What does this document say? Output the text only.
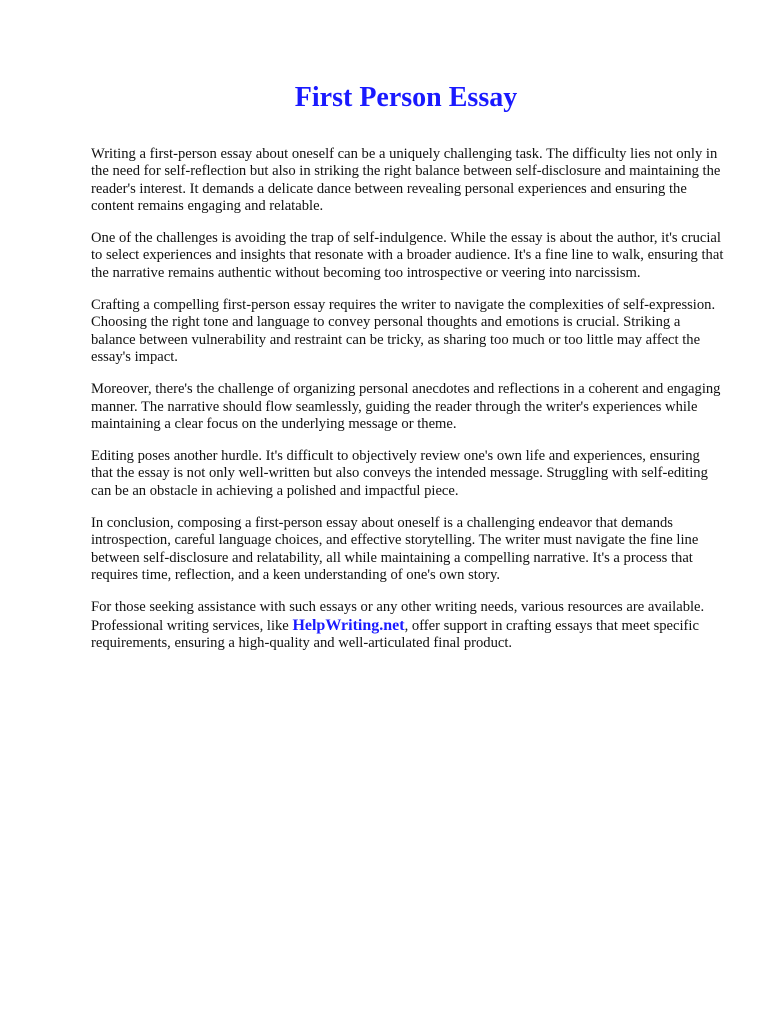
First Person Essay

Writing a first-person essay about oneself can be a uniquely challenging task. The difficulty lies not only in the need for self-reflection but also in striking the right balance between self-disclosure and maintaining the reader's interest. It demands a delicate dance between revealing personal experiences and ensuring the content remains engaging and relatable.

One of the challenges is avoiding the trap of self-indulgence. While the essay is about the author, it's crucial to select experiences and insights that resonate with a broader audience. It's a fine line to walk, ensuring that the narrative remains authentic without becoming too introspective or veering into narcissism.

Crafting a compelling first-person essay requires the writer to navigate the complexities of self-expression. Choosing the right tone and language to convey personal thoughts and emotions is crucial. Striking a balance between vulnerability and restraint can be tricky, as sharing too much or too little may affect the essay's impact.

Moreover, there's the challenge of organizing personal anecdotes and reflections in a coherent and engaging manner. The narrative should flow seamlessly, guiding the reader through the writer's experiences while maintaining a clear focus on the underlying message or theme.

Editing poses another hurdle. It's difficult to objectively review one's own life and experiences, ensuring that the essay is not only well-written but also conveys the intended message. Struggling with self-editing can be an obstacle in achieving a polished and impactful piece.

In conclusion, composing a first-person essay about oneself is a challenging endeavor that demands introspection, careful language choices, and effective storytelling. The writer must navigate the fine line between self-disclosure and relatability, all while maintaining a compelling narrative. It's a process that requires time, reflection, and a keen understanding of one's own story.

For those seeking assistance with such essays or any other writing needs, various resources are available. Professional writing services, like HelpWriting.net, offer support in crafting essays that meet specific requirements, ensuring a high-quality and well-articulated final product.
